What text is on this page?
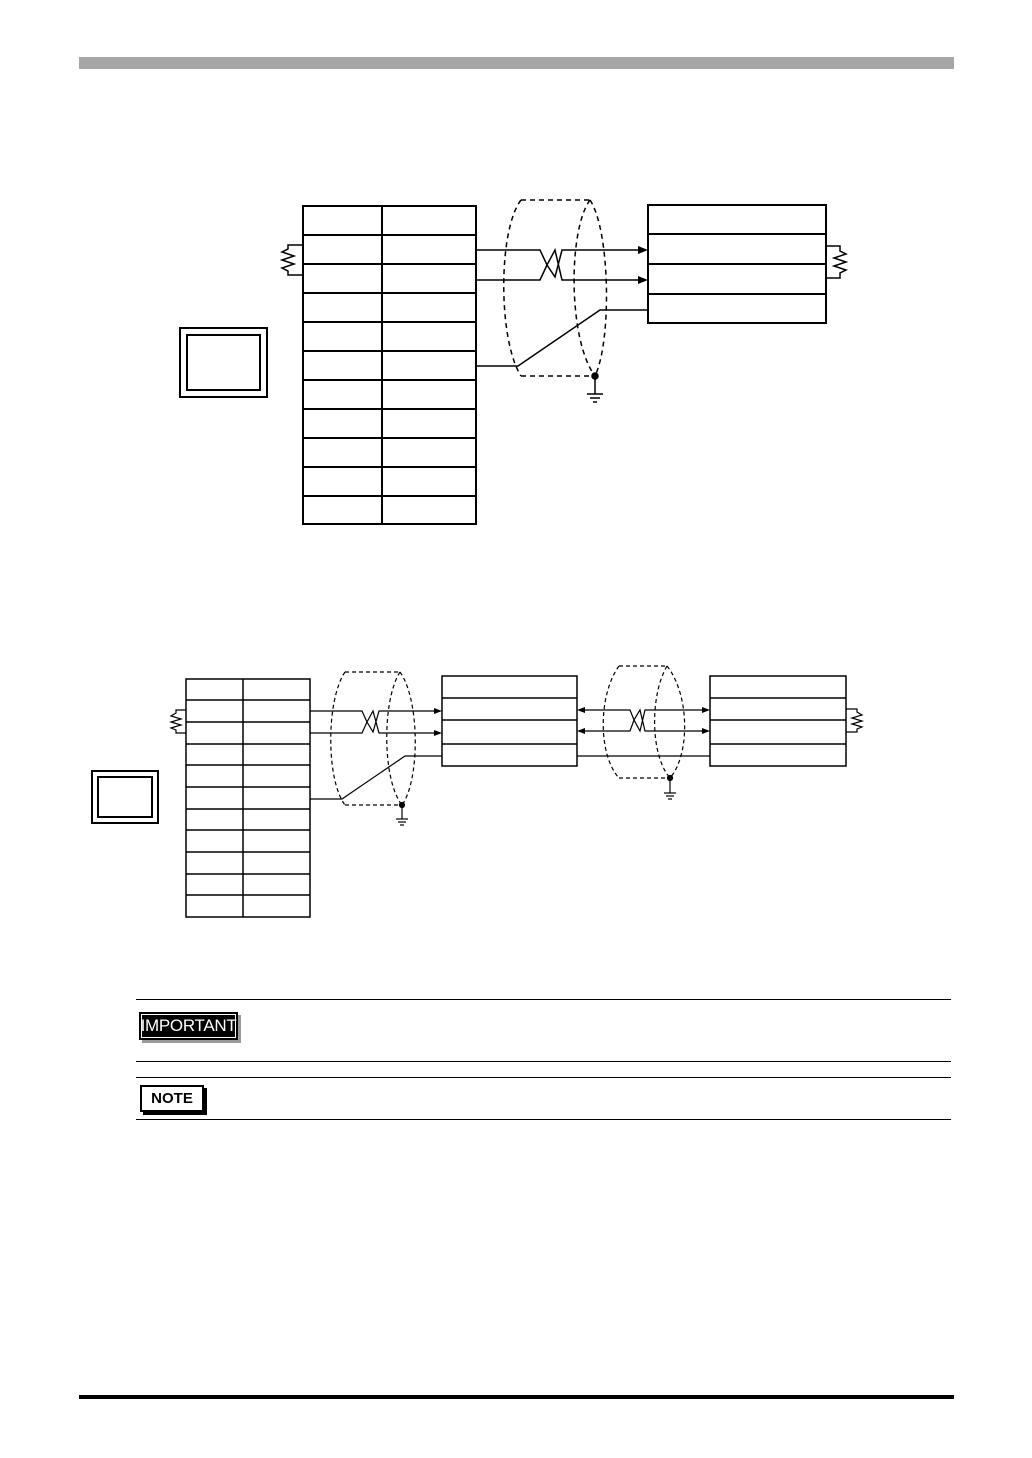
IMPORTANT
NOTE
